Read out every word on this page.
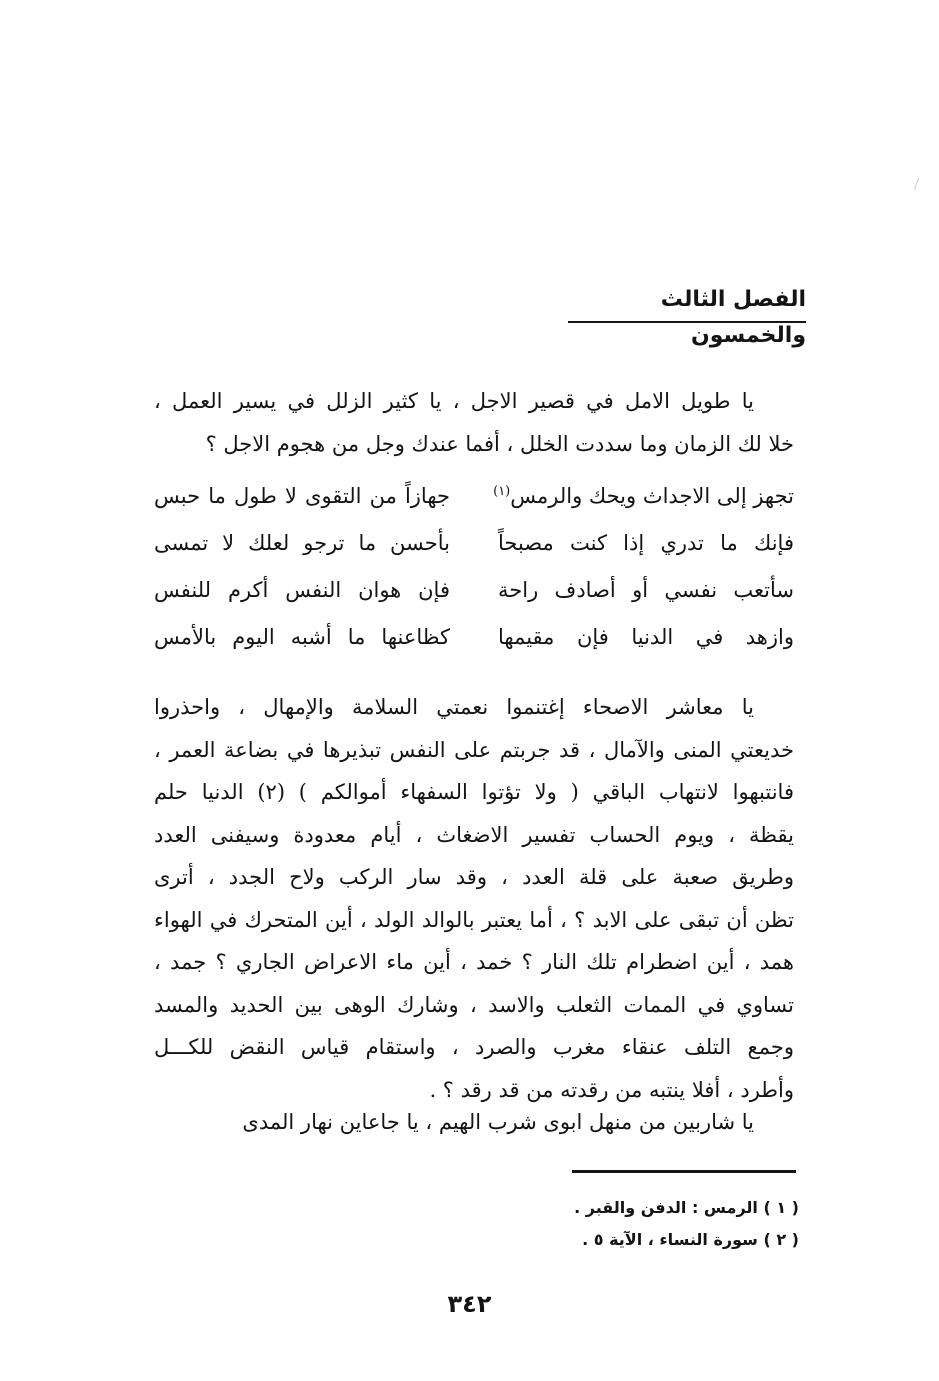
الفصل الثالث والخمسون

يا طويل الامل في قصير الاجل ، يا كثير الزلل في يسير العمل ،
خلا لك الزمان وما سددت الخلل ، أفما عندك وجل من هجوم الاجل ؟

تجهز إلى الاجداث ويحك والرمس$^{(١)}$
جهازاً من التقوى لا طول ما حبس
فإنك ما تدري إذا كنت مصبحاً
بأحسن ما ترجو لعلك لا تمسى
سأتعب نفسي أو أصادف راحة
فإن هوان النفس أكرم للنفس
وازهد في الدنيا فإن مقيمها
كظاعنها ما أشبه اليوم بالأمس

يا معاشر الاصحاء إغتنموا نعمتي السلامة والإمهال ، واحذروا
خديعتي المنى والآمال ، قد جربتم على النفس تبذيرها في بضاعة العمر ،
فانتبهوا لانتهاب الباقي ( ولا تؤتوا السفهاء أموالكم ) (٢) الدنيا حلم
يقظة ، ويوم الحساب تفسير الاضغاث ، أيام معدودة وسيفنى العدد
وطريق صعبة على قلة العدد ، وقد سار الركب ولاح الجدد ، أترى
تظن أن تبقى على الابد ؟ ، أما يعتبر بالوالد الولد ، أين المتحرك في الهواء
همد ، أين اضطرام تلك النار ؟ خمد ، أين ماء الاعراض الجاري ؟ جمد ،
تساوي في الممات الثعلب والاسد ، وشارك الوهى بين الحديد والمسد
وجمع التلف عنقاء مغرب والصرد ، واستقام قياس النقض للكـــل
وأطرد ، أفلا ينتبه من رقدته من قد رقد ؟ .

يا شاربين من منهل ابوى شرب الهيم ، يا جاعاين نهار المدى

( ١ ) الرمس : الدفن والقبر .
( ٢ ) سورة النساء ، الآية ٥ .
٣٤٢
